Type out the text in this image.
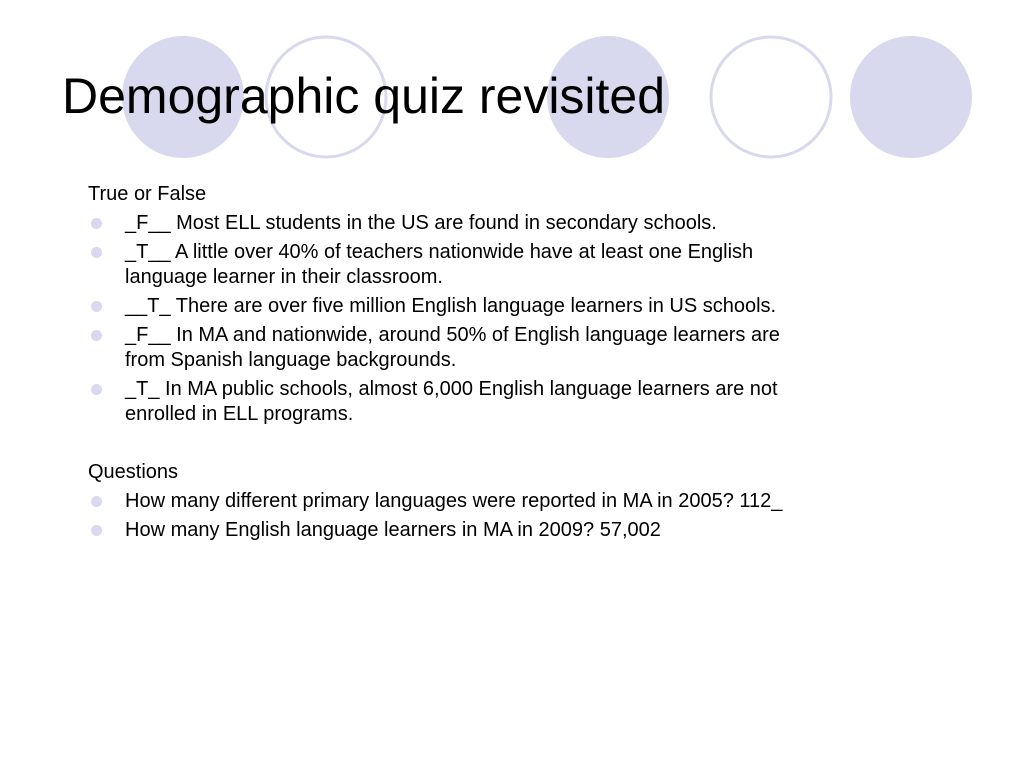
Demographic quiz revisited

True or False

_F__ Most ELL students in the US are found in secondary schools.
_T__ A little over 40% of teachers nationwide have at least one English language learner in their classroom.
__T_ There are over five million English language learners in US schools.
_F__ In MA and nationwide, around 50% of English language learners are from Spanish language backgrounds.
_T_ In MA public schools, almost 6,000 English language learners are not enrolled in ELL programs.

Questions

How many different primary languages were reported in MA in 2005? 112_
How many English language learners in MA in 2009? 57,002
